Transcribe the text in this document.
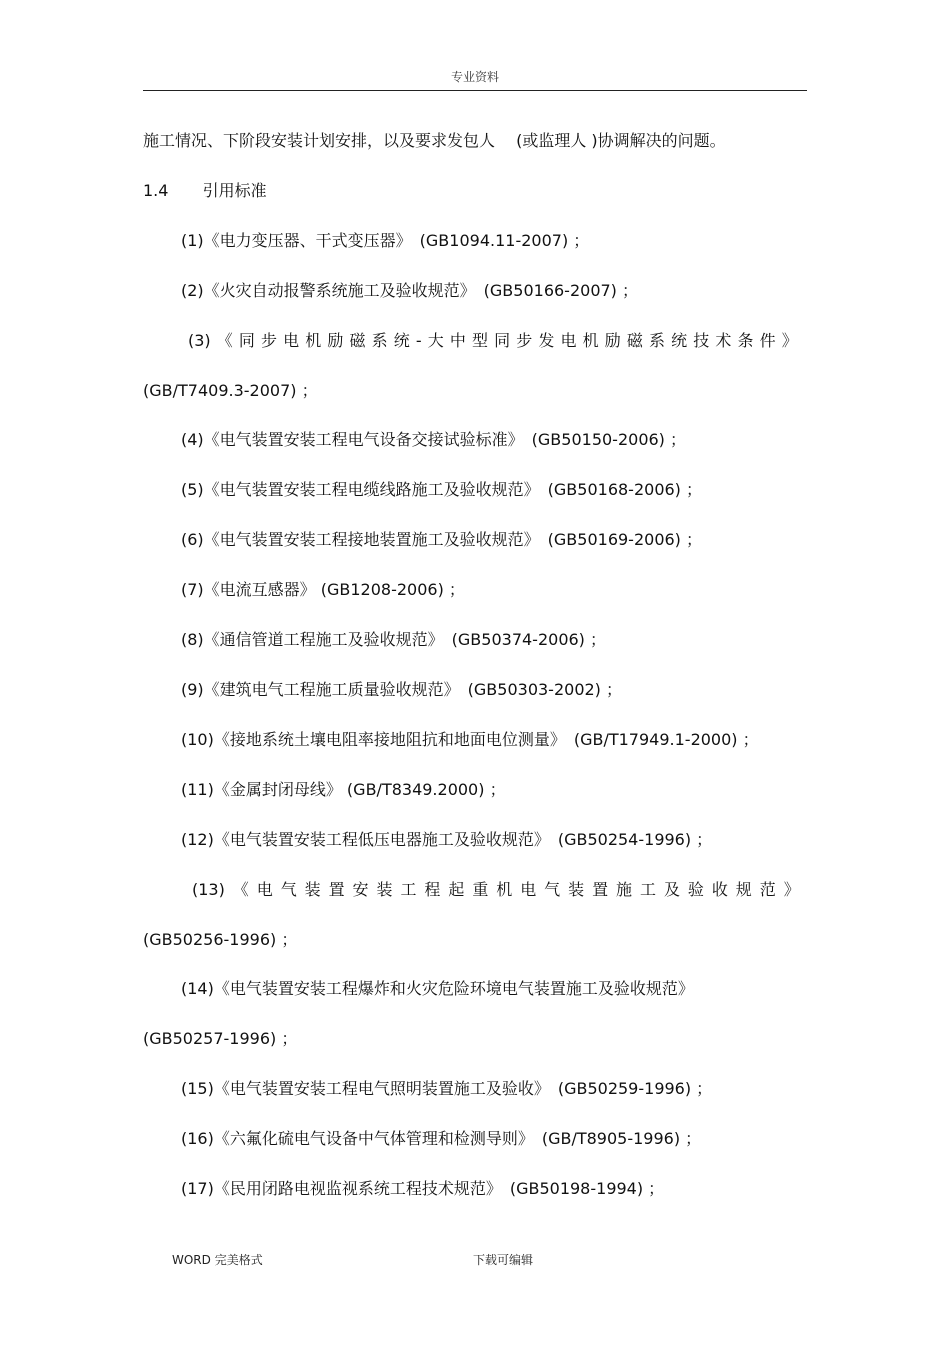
专业资料
施工情况、下阶段安装计划安排，以及要求发包人　 (或监理人 )协调解决的问题。
1.4 引用标准
(1)《电力变压器、干式变压器》　(GB1094.11-2007) ；
(2)《火灾自动报警系统施工及验收规范》　(GB50166-2007) ；
(3) 《 同 步 电 机 励 磁 系 统 - 大 中 型 同 步 发 电 机 励 磁 系 统 技 术 条 件 》
(GB/T7409.3-2007) ；
(4)《电气装置安装工程电气设备交接试验标准》　(GB50150-2006) ；
(5)《电气装置安装工程电缆线路施工及验收规范》　(GB50168-2006) ；
(6)《电气装置安装工程接地装置施工及验收规范》　(GB50169-2006) ；
(7)《电流互感器》 (GB1208-2006) ；
(8)《通信管道工程施工及验收规范》　(GB50374-2006) ；
(9)《建筑电气工程施工质量验收规范》　(GB50303-2002) ；
(10)《接地系统土壤电阻率接地阻抗和地面电位测量》　(GB/T17949.1-2000) ；
(11)《金属封闭母线》 (GB/T8349.2000) ；
(12)《电气装置安装工程低压电器施工及验收规范》　(GB50254-1996) ；
(13) 《 电 气 装 置 安 装 工 程 起 重 机 电 气 装 置 施 工 及 验 收 规 范 》
(GB50256-1996) ；
(14)《电气装置安装工程爆炸和火灾危险环境电气装置施工及验收规范》
(GB50257-1996) ；
(15)《电气装置安装工程电气照明装置施工及验收》　(GB50259-1996) ；
(16)《六氟化硫电气设备中气体管理和检测导则》　(GB/T8905-1996) ；
(17)《民用闭路电视监视系统工程技术规范》　(GB50198-1994) ；
WORD 完美格式	下载可编辑
